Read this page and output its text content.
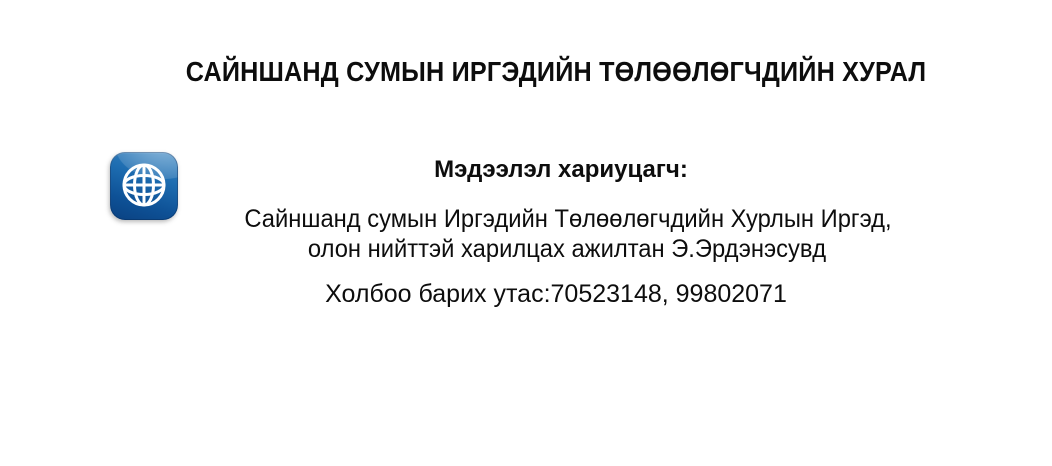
САЙНШАНД СУМЫН ИРГЭДИЙН ТӨЛӨӨЛӨГЧДИЙН ХУРАЛ
Мэдээлэл хариуцагч:

Сайншанд сумын Иргэдийн Төлөөлөгчдийн Хурлын Иргэд,

олон нийттэй харилцах ажилтан Э.Эрдэнэсувд

Холбоо барих утас:70523148, 99802071
